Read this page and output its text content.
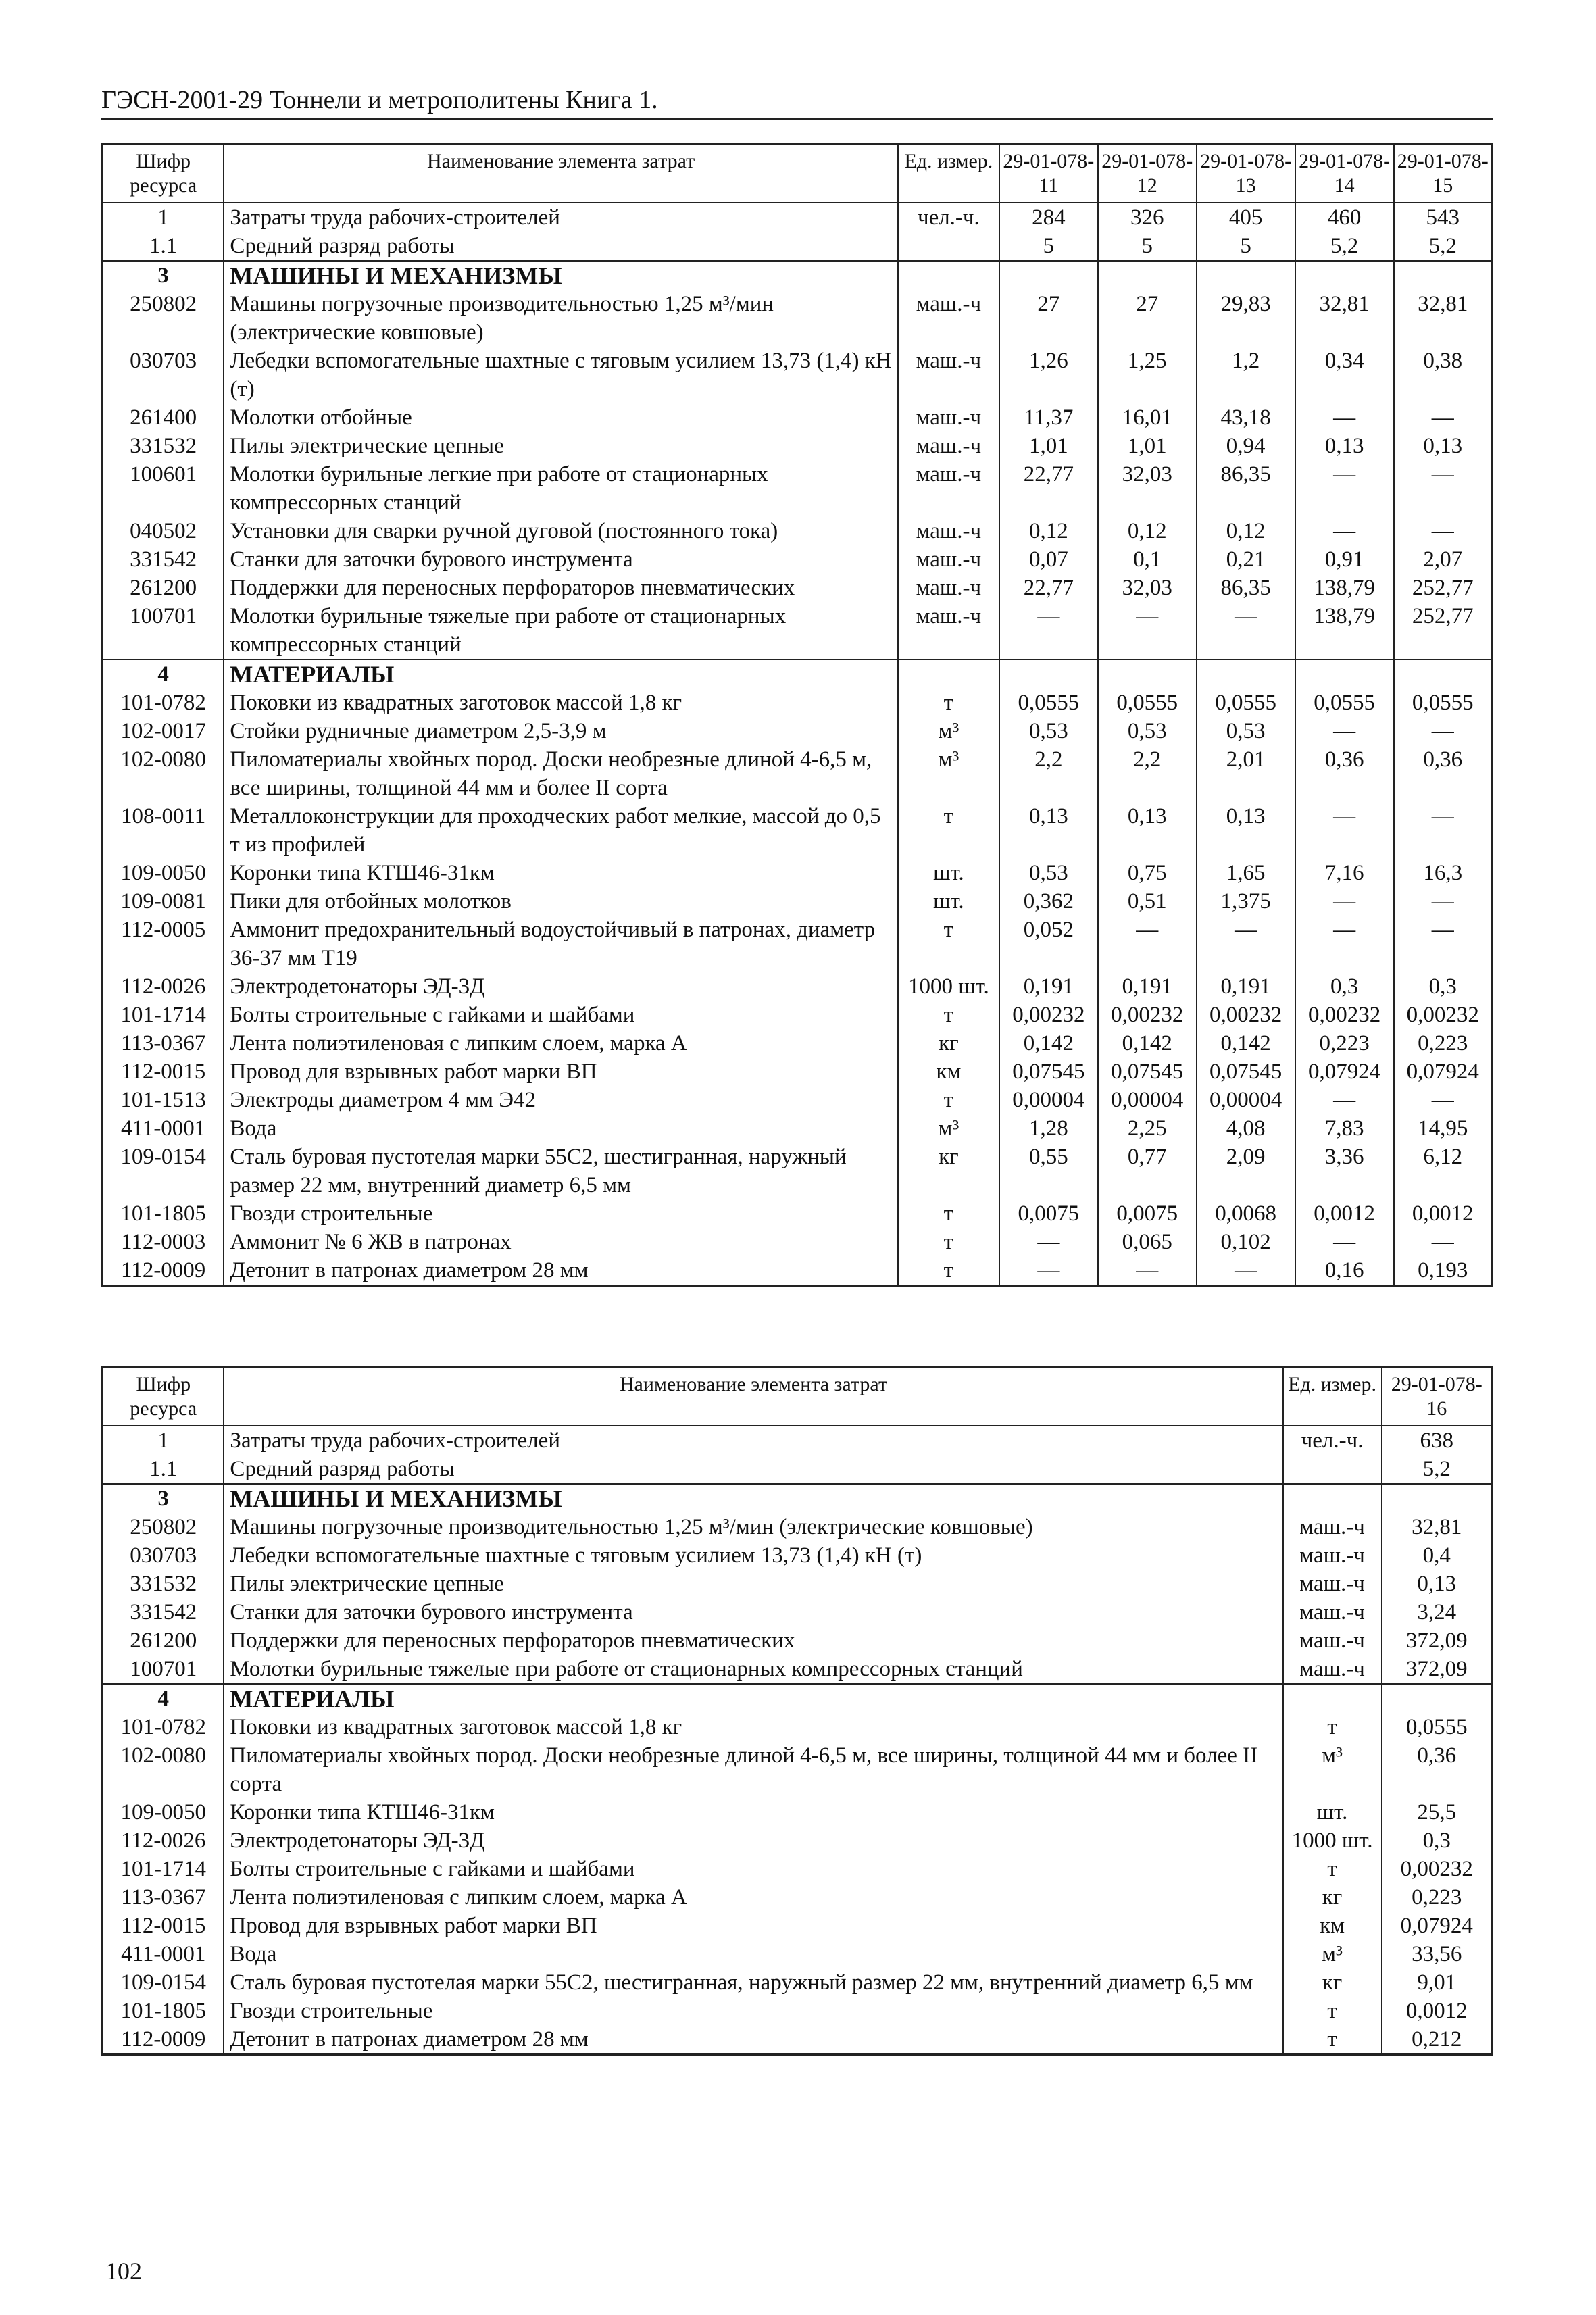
ГЭСН-2001-29 Тоннели и метрополитены Книга 1.
Шифр ресурса	Наименование элемента затрат	Ед. измер.	29-01-078-11	29-01-078-12	29-01-078-13	29-01-078-14	29-01-078-15
1	Затраты труда рабочих-строителей	чел.-ч.	284	326	405	460	543
1.1	Средний разряд работы		5	5	5	5,2	5,2
3	МАШИНЫ И МЕХАНИЗМЫ						
250802	Машины погрузочные производительностью 1,25 м³/мин (электрические ковшовые)	маш.-ч	27	27	29,83	32,81	32,81
030703	Лебедки вспомогательные шахтные с тяговым усилием 13,73 (1,4) кН (т)	маш.-ч	1,26	1,25	1,2	0,34	0,38
261400	Молотки отбойные	маш.-ч	11,37	16,01	43,18	—	—
331532	Пилы электрические цепные	маш.-ч	1,01	1,01	0,94	0,13	0,13
100601	Молотки бурильные легкие при работе от стационарных компрессорных станций	маш.-ч	22,77	32,03	86,35	—	—
040502	Установки для сварки ручной дуговой (постоянного тока)	маш.-ч	0,12	0,12	0,12	—	—
331542	Станки для заточки бурового инструмента	маш.-ч	0,07	0,1	0,21	0,91	2,07
261200	Поддержки для переносных перфораторов пневматических	маш.-ч	22,77	32,03	86,35	138,79	252,77
100701	Молотки бурильные тяжелые при работе от стационарных компрессорных станций	маш.-ч	—	—	—	138,79	252,77
4	МАТЕРИАЛЫ						
101-0782	Поковки из квадратных заготовок массой 1,8 кг	т	0,0555	0,0555	0,0555	0,0555	0,0555
102-0017	Стойки рудничные диаметром 2,5-3,9 м	м³	0,53	0,53	0,53	—	—
102-0080	Пиломатериалы хвойных пород. Доски необрезные длиной 4-6,5 м, все ширины, толщиной 44 мм и более II сорта	м³	2,2	2,2	2,01	0,36	0,36
108-0011	Металлоконструкции для проходческих работ мелкие, массой до 0,5 т из профилей	т	0,13	0,13	0,13	—	—
109-0050	Коронки типа КТШ46-31км	шт.	0,53	0,75	1,65	7,16	16,3
109-0081	Пики для отбойных молотков	шт.	0,362	0,51	1,375	—	—
112-0005	Аммонит предохранительный водоустойчивый в патронах, диаметр 36-37 мм Т19	т	0,052	—	—	—	—
112-0026	Электродетонаторы ЭД-3Д	1000 шт.	0,191	0,191	0,191	0,3	0,3
101-1714	Болты строительные с гайками и шайбами	т	0,00232	0,00232	0,00232	0,00232	0,00232
113-0367	Лента полиэтиленовая с липким слоем, марка А	кг	0,142	0,142	0,142	0,223	0,223
112-0015	Провод для взрывных работ марки ВП	км	0,07545	0,07545	0,07545	0,07924	0,07924
101-1513	Электроды диаметром 4 мм Э42	т	0,00004	0,00004	0,00004	—	—
411-0001	Вода	м³	1,28	2,25	4,08	7,83	14,95
109-0154	Сталь буровая пустотелая марки 55С2, шестигранная, наружный размер 22 мм, внутренний диаметр 6,5 мм	кг	0,55	0,77	2,09	3,36	6,12
101-1805	Гвозди строительные	т	0,0075	0,0075	0,0068	0,0012	0,0012
112-0003	Аммонит № 6 ЖВ в патронах	т	—	0,065	0,102	—	—
112-0009	Детонит в патронах диаметром 28 мм	т	—	—	—	0,16	0,193
Шифр ресурса	Наименование элемента затрат	Ед. измер.	29-01-078-16
1	Затраты труда рабочих-строителей	чел.-ч.	638
1.1	Средний разряд работы		5,2
3	МАШИНЫ И МЕХАНИЗМЫ		
250802	Машины погрузочные производительностью 1,25 м³/мин (электрические ковшовые)	маш.-ч	32,81
030703	Лебедки вспомогательные шахтные с тяговым усилием 13,73 (1,4) кН (т)	маш.-ч	0,4
331532	Пилы электрические цепные	маш.-ч	0,13
331542	Станки для заточки бурового инструмента	маш.-ч	3,24
261200	Поддержки для переносных перфораторов пневматических	маш.-ч	372,09
100701	Молотки бурильные тяжелые при работе от стационарных компрессорных станций	маш.-ч	372,09
4	МАТЕРИАЛЫ		
101-0782	Поковки из квадратных заготовок массой 1,8 кг	т	0,0555
102-0080	Пиломатериалы хвойных пород. Доски необрезные длиной 4-6,5 м, все ширины, толщиной 44 мм и более II сорта	м³	0,36
109-0050	Коронки типа КТШ46-31км	шт.	25,5
112-0026	Электродетонаторы ЭД-3Д	1000 шт.	0,3
101-1714	Болты строительные с гайками и шайбами	т	0,00232
113-0367	Лента полиэтиленовая с липким слоем, марка А	кг	0,223
112-0015	Провод для взрывных работ марки ВП	км	0,07924
411-0001	Вода	м³	33,56
109-0154	Сталь буровая пустотелая марки 55С2, шестигранная, наружный размер 22 мм, внутренний диаметр 6,5 мм	кг	9,01
101-1805	Гвозди строительные	т	0,0012
112-0009	Детонит в патронах диаметром 28 мм	т	0,212
102
